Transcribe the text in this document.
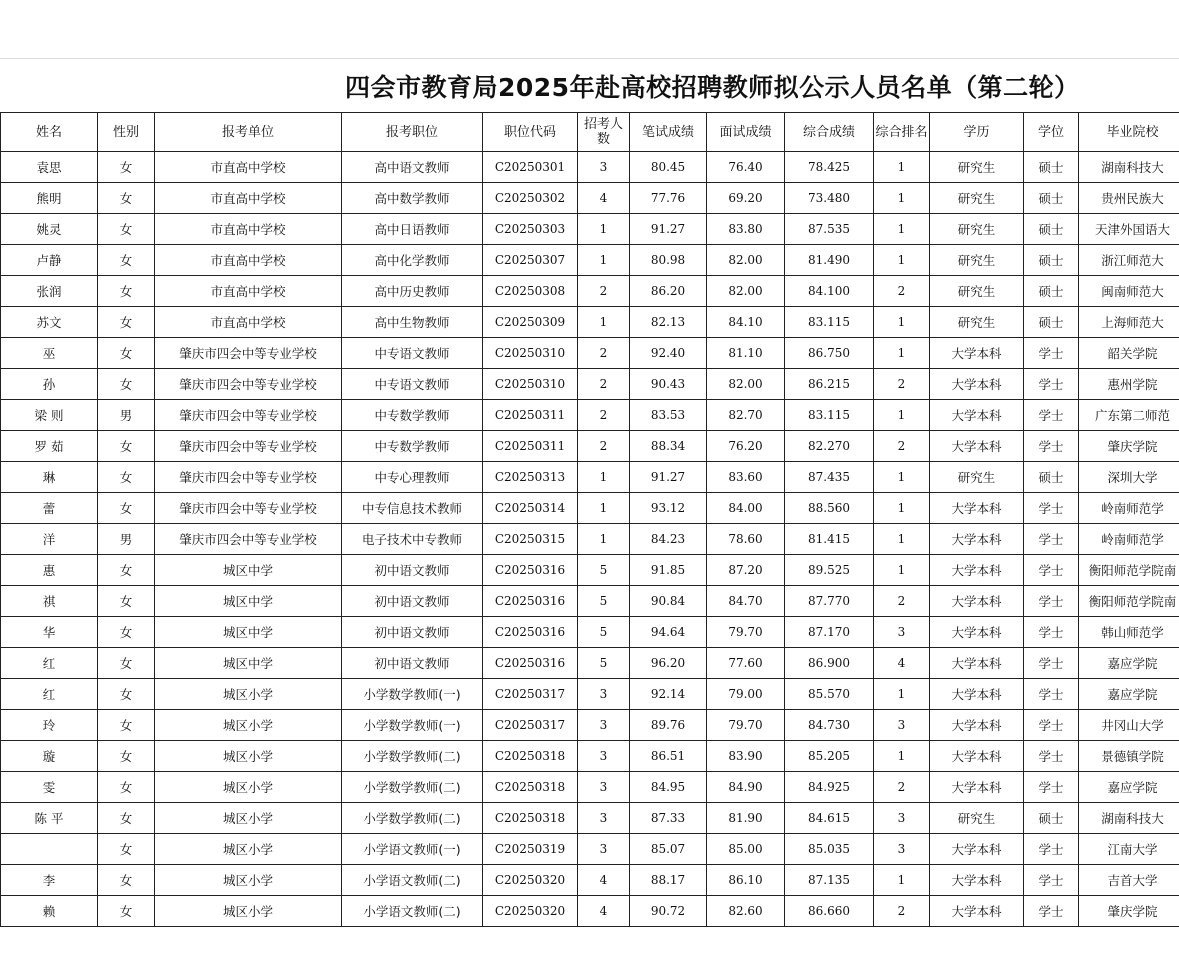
四会市教育局2025年赴高校招聘教师拟公示人员名单（第二轮）
姓名	性别	报考单位	报考职位	职位代码	招考人数	笔试成绩	面试成绩	综合成绩	综合排名	学历	学位	毕业院校
袁思	女	市直高中学校	高中语文教师	C20250301	3	80.45	76.40	78.425	1	研究生	硕士	湖南科技大
熊明	女	市直高中学校	高中数学教师	C20250302	4	77.76	69.20	73.480	1	研究生	硕士	贵州民族大
姚灵	女	市直高中学校	高中日语教师	C20250303	1	91.27	83.80	87.535	1	研究生	硕士	天津外国语大
卢静	女	市直高中学校	高中化学教师	C20250307	1	80.98	82.00	81.490	1	研究生	硕士	浙江师范大
张润	女	市直高中学校	高中历史教师	C20250308	2	86.20	82.00	84.100	2	研究生	硕士	闽南师范大
苏文	女	市直高中学校	高中生物教师	C20250309	1	82.13	84.10	83.115	1	研究生	硕士	上海师范大
巫	女	肇庆市四会中等专业学校	中专语文教师	C20250310	2	92.40	81.10	86.750	1	大学本科	学士	韶关学院
孙	女	肇庆市四会中等专业学校	中专语文教师	C20250310	2	90.43	82.00	86.215	2	大学本科	学士	惠州学院
梁 则	男	肇庆市四会中等专业学校	中专数学教师	C20250311	2	83.53	82.70	83.115	1	大学本科	学士	广东第二师范
罗 茹	女	肇庆市四会中等专业学校	中专数学教师	C20250311	2	88.34	76.20	82.270	2	大学本科	学士	肇庆学院
琳	女	肇庆市四会中等专业学校	中专心理教师	C20250313	1	91.27	83.60	87.435	1	研究生	硕士	深圳大学
蕾	女	肇庆市四会中等专业学校	中专信息技术教师	C20250314	1	93.12	84.00	88.560	1	大学本科	学士	岭南师范学
洋	男	肇庆市四会中等专业学校	电子技术中专教师	C20250315	1	84.23	78.60	81.415	1	大学本科	学士	岭南师范学
惠	女	城区中学	初中语文教师	C20250316	5	91.85	87.20	89.525	1	大学本科	学士	衡阳师范学院南
祺	女	城区中学	初中语文教师	C20250316	5	90.84	84.70	87.770	2	大学本科	学士	衡阳师范学院南
华	女	城区中学	初中语文教师	C20250316	5	94.64	79.70	87.170	3	大学本科	学士	韩山师范学
红	女	城区中学	初中语文教师	C20250316	5	96.20	77.60	86.900	4	大学本科	学士	嘉应学院
红	女	城区小学	小学数学教师(一)	C20250317	3	92.14	79.00	85.570	1	大学本科	学士	嘉应学院
玲	女	城区小学	小学数学教师(一)	C20250317	3	89.76	79.70	84.730	3	大学本科	学士	井冈山大学
璇	女	城区小学	小学数学教师(二)	C20250318	3	86.51	83.90	85.205	1	大学本科	学士	景德镇学院
雯	女	城区小学	小学数学教师(二)	C20250318	3	84.95	84.90	84.925	2	大学本科	学士	嘉应学院
陈 平	女	城区小学	小学数学教师(二)	C20250318	3	87.33	81.90	84.615	3	研究生	硕士	湖南科技大
	女	城区小学	小学语文教师(一)	C20250319	3	85.07	85.00	85.035	3	大学本科	学士	江南大学
李	女	城区小学	小学语文教师(二)	C20250320	4	88.17	86.10	87.135	1	大学本科	学士	吉首大学
赖	女	城区小学	小学语文教师(二)	C20250320	4	90.72	82.60	86.660	2	大学本科	学士	肇庆学院
